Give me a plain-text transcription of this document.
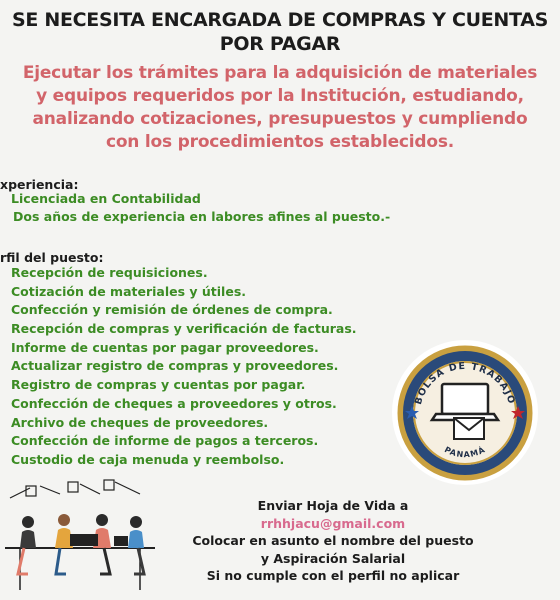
SE NECESITA ENCARGADA DE COMPRAS Y CUENTAS
POR PAGAR
Ejecutar los trámites para la adquisición de materiales
y equipos requeridos por la Institución, estudiando,
analizando cotizaciones, presupuestos y cumpliendo
con los procedimientos establecidos.
xperiencia:
Licenciada en Contabilidad
Dos años de experiencia en labores afines al puesto.-
rfil del puesto:
Recepción de requisiciones.
Cotización de materiales y útiles.
Confección y remisión de órdenes de compra.
Recepción de compras y verificación de facturas.
Informe de cuentas por pagar proveedores.
Actualizar registro de compras y proveedores.
Registro de compras y cuentas por pagar.
Confección de cheques a proveedores y otros.
Archivo de cheques de proveedores.
Confección de informe de pagos a terceros.
Custodio de caja menuda y reembolso.
BOLSA DE TRABAJO
PANAMÁ
Enviar Hoja de Vida a
rrhhjacu@gmail.com
Colocar en asunto el nombre del puesto
y Aspiración Salarial
Si no cumple con el perfil no aplicar
